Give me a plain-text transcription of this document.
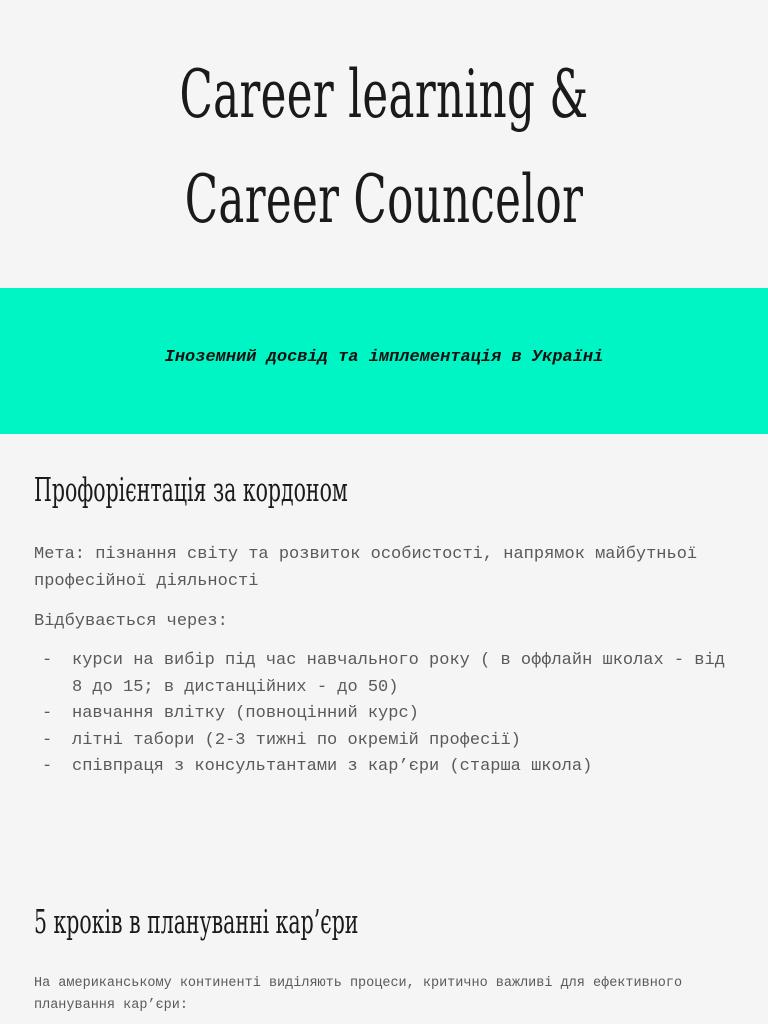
Career learning &
Career Councelor
Іноземний досвід та імплементація в Україні
Профорієнтація за кордоном
Мета: пізнання світу та розвиток особистості, напрямок майбутньої професійної діяльності
Відбувається через:
- курси на вибір під час навчального року ( в оффлайн школах - від 8 до 15; в дистанційних - до 50)
- навчання влітку (повноцінний курс)
- літні табори (2-3 тижні по окремій професії)
- співпраця з консультантами з кар’єри (старша школа)
5 кроків в плануванні кар’єри
На американському континенті виділяють процеси, критично важливі для ефективного планування кар’єри:
